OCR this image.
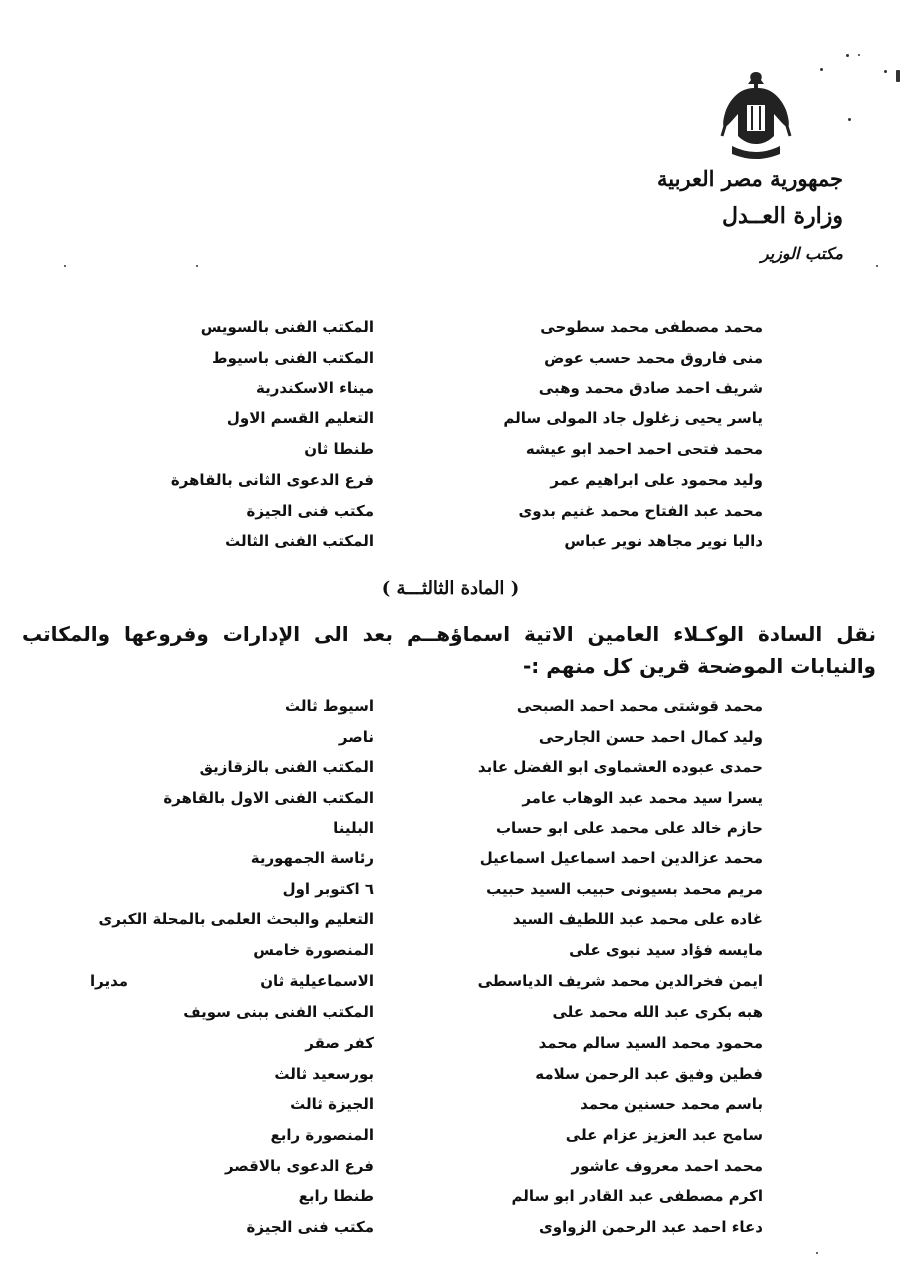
جمهورية مصر العربية
وزارة العــدل
مكتب الوزير
محمد مصطفى محمد سطوحى
المكتب الفنى بالسويس
منى فاروق محمد حسب عوض
المكتب الفنى باسيوط
شريف احمد صادق محمد وهبى
ميناء الاسكندرية
ياسر يحيى زغلول جاد المولى سالم
التعليم القسم الاول
محمد فتحى احمد احمد ابو عيشه
طنطا ثان
وليد محمود على ابراهيم عمر
فرع الدعوى الثانى بالقاهرة
محمد عبد الفتاح محمد غنيم بدوى
مكتب فنى الجيزة
داليا نوير مجاهد نوير عباس
المكتب الفنى الثالث
( المادة الثالثـــة )
نقل السادة الوكـلاء العامين الاتية اسماؤهــم بعد الى الإدارات وفروعها والمكاتب والنيابات الموضحة قرين كل منهم :-
محمد قوشتى محمد احمد الصبحى
اسيوط ثالث
وليد كمال احمد حسن الجارحى
ناصر
حمدى عبوده العشماوى ابو الفضل عابد
المكتب الفنى بالزقازيق
يسرا سيد محمد عبد الوهاب عامر
المكتب الفنى الاول بالقاهرة
حازم خالد على محمد على ابو حساب
البلينا
محمد عزالدين احمد اسماعيل اسماعيل
رئاسة الجمهورية
مريم محمد بسيونى حبيب السيد حبيب
٦ اكتوبر اول
غاده على محمد عبد اللطيف السيد
التعليم والبحث العلمى بالمحلة الكبرى
مايسه فؤاد سيد نبوى على
المنصورة خامس
ايمن فخرالدين محمد شريف الدياسطى
الاسماعيلية ثان
مديرا
هبه بكرى عبد الله محمد على
المكتب الفنى ببنى سويف
محمود محمد السيد سالم محمد
كفر صقر
فطين وفيق عبد الرحمن سلامه
بورسعيد ثالث
باسم محمد حسنين محمد
الجيزة ثالث
سامح عبد العزيز عزام على
المنصورة رابع
محمد احمد معروف عاشور
فرع الدعوى بالاقصر
اكرم مصطفى عبد القادر ابو سالم
طنطا رابع
دعاء احمد عبد الرحمن الزواوى
مكتب فنى الجيزة
